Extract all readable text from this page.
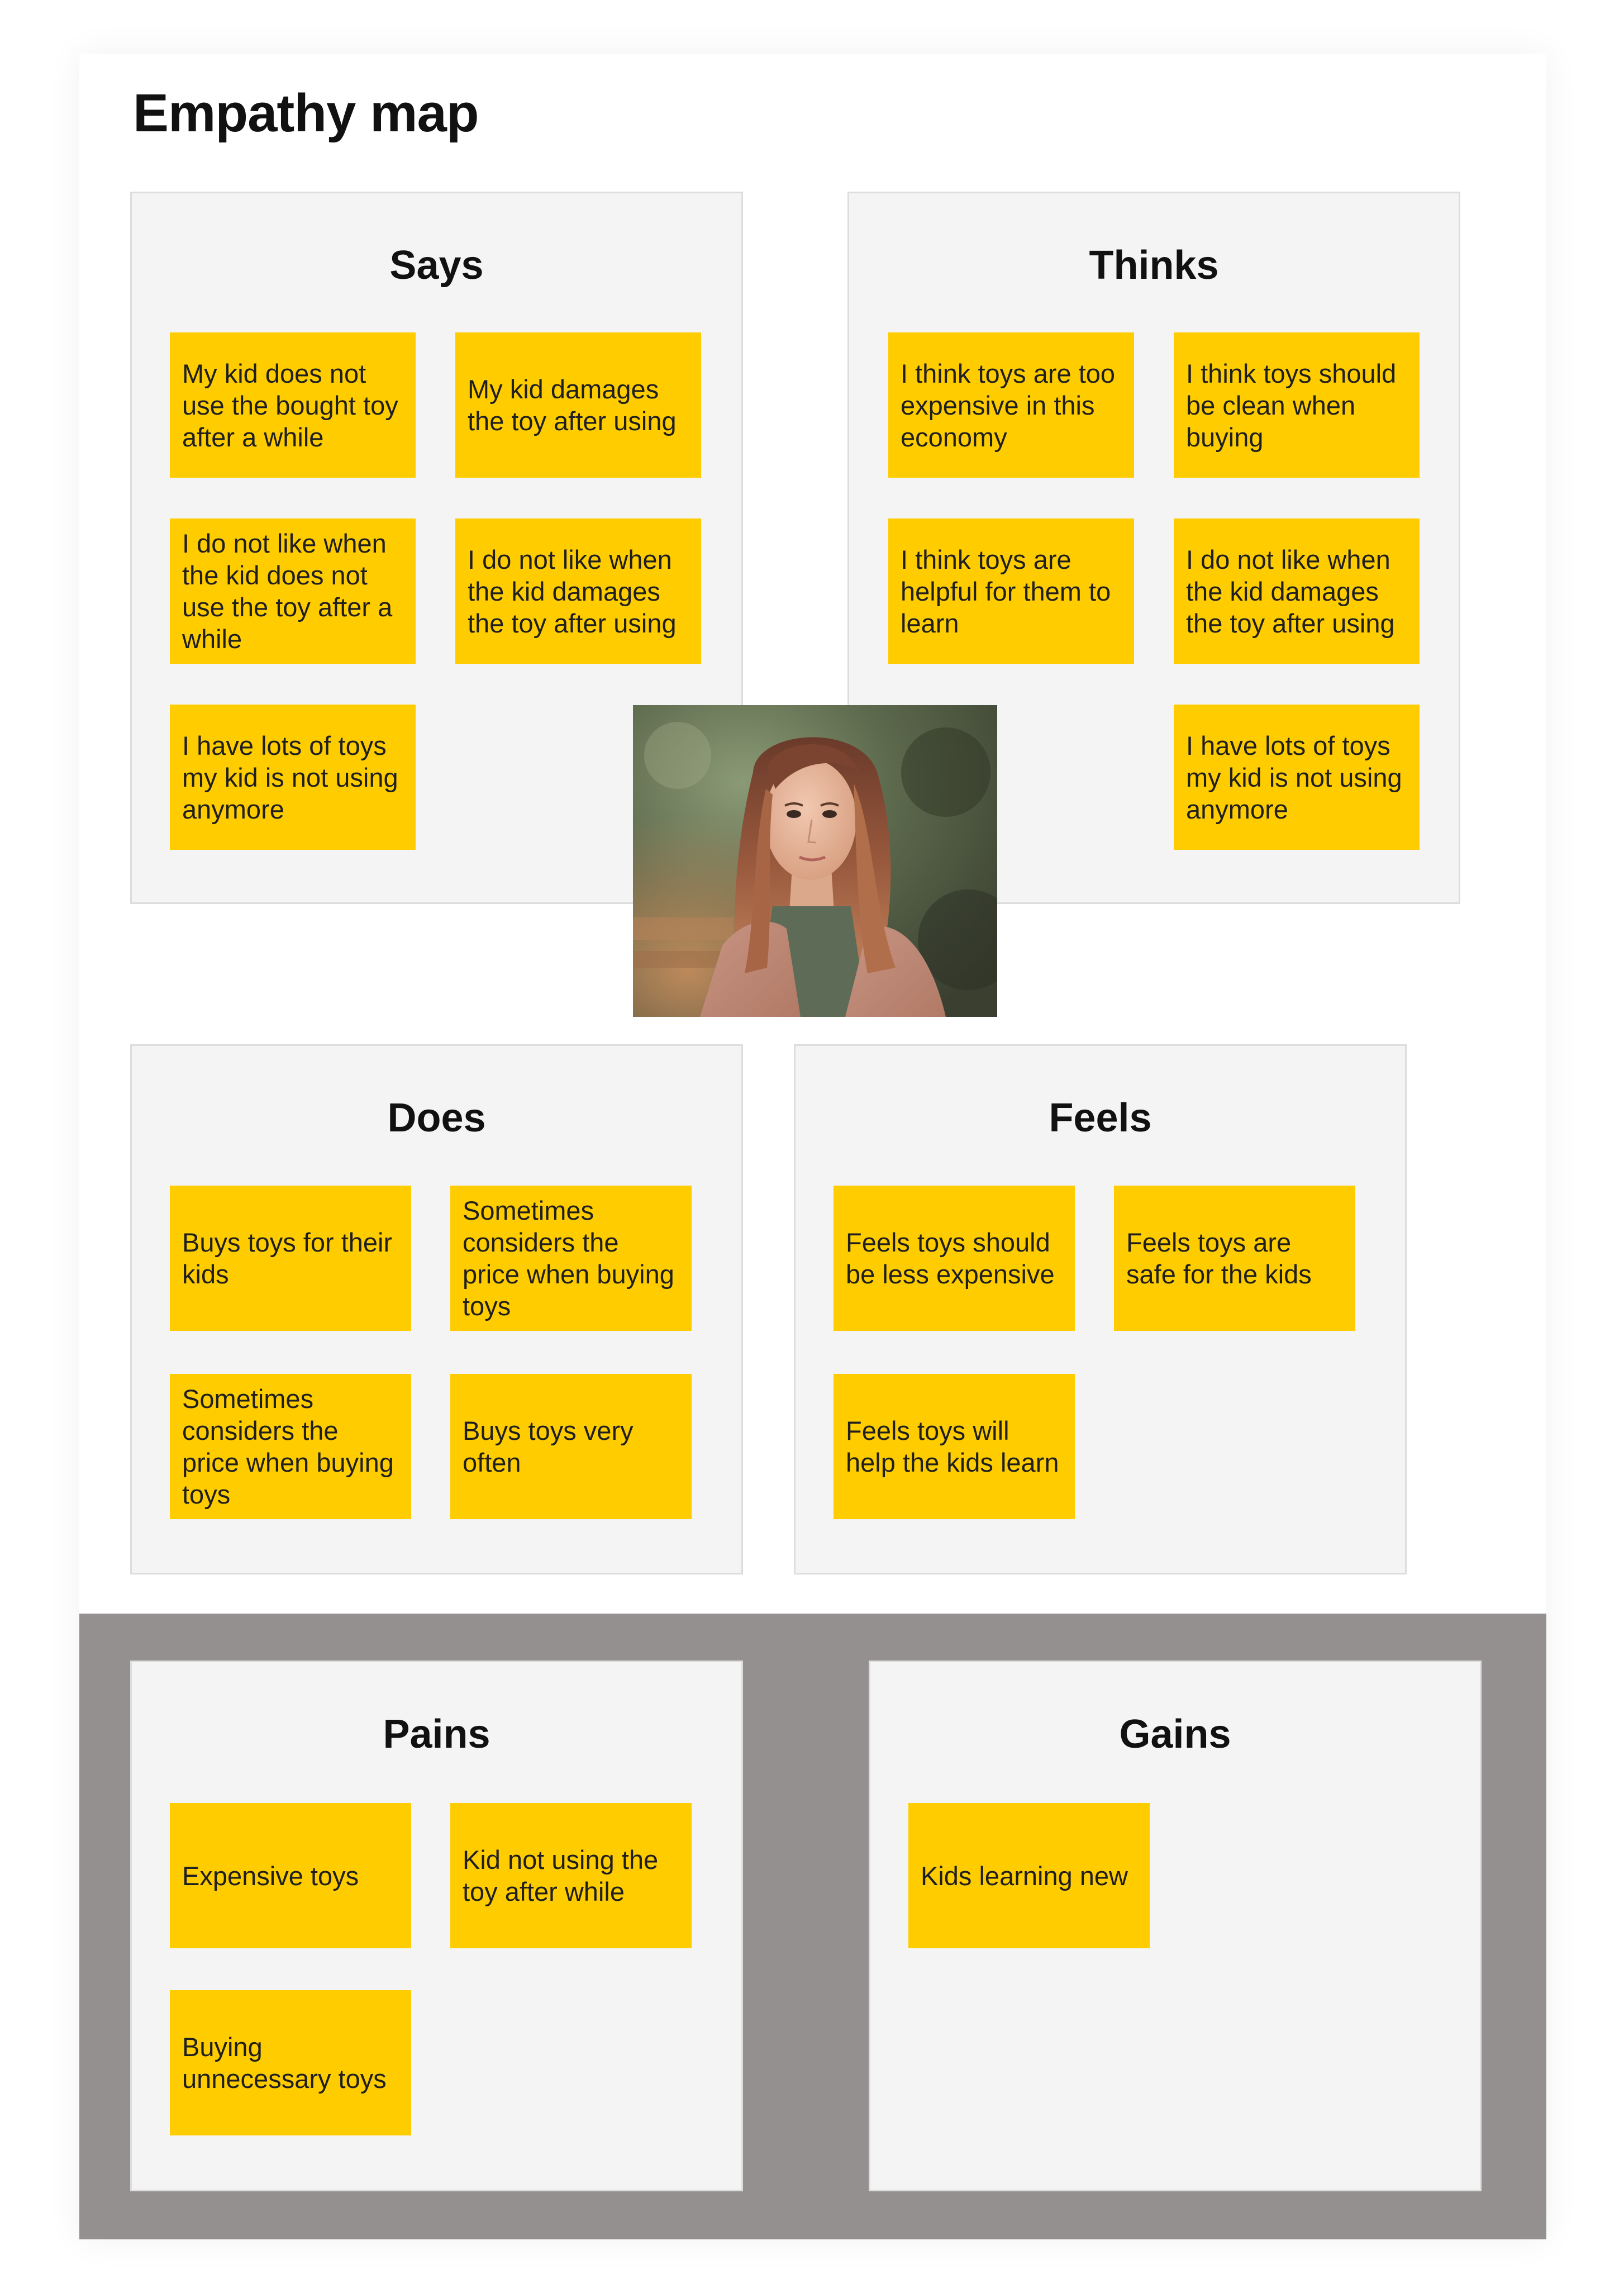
Empathy map
Says
My kid does not use the bought toy after a while
My kid damages the toy after using
I do not like when the kid does not use the toy after a while
I do not like when the kid damages the toy after using
I have lots of toys my kid is not using anymore
Thinks
I think toys are too expensive in this economy
I think toys should be clean when buying
I think toys are helpful for them to learn
I do not like when the kid damages the toy after using
I have lots of toys my kid is not using anymore
Does
Buys toys for their kids
Sometimes considers the price when buying toys
Sometimes considers the price when buying toys
Buys toys very often
Feels
Feels toys should be less expensive
Feels toys are safe for the kids
Feels toys will help the kids learn
Pains
Expensive toys
Kid not using the toy after while
Buying unnecessary toys
Gains
Kids learning new
